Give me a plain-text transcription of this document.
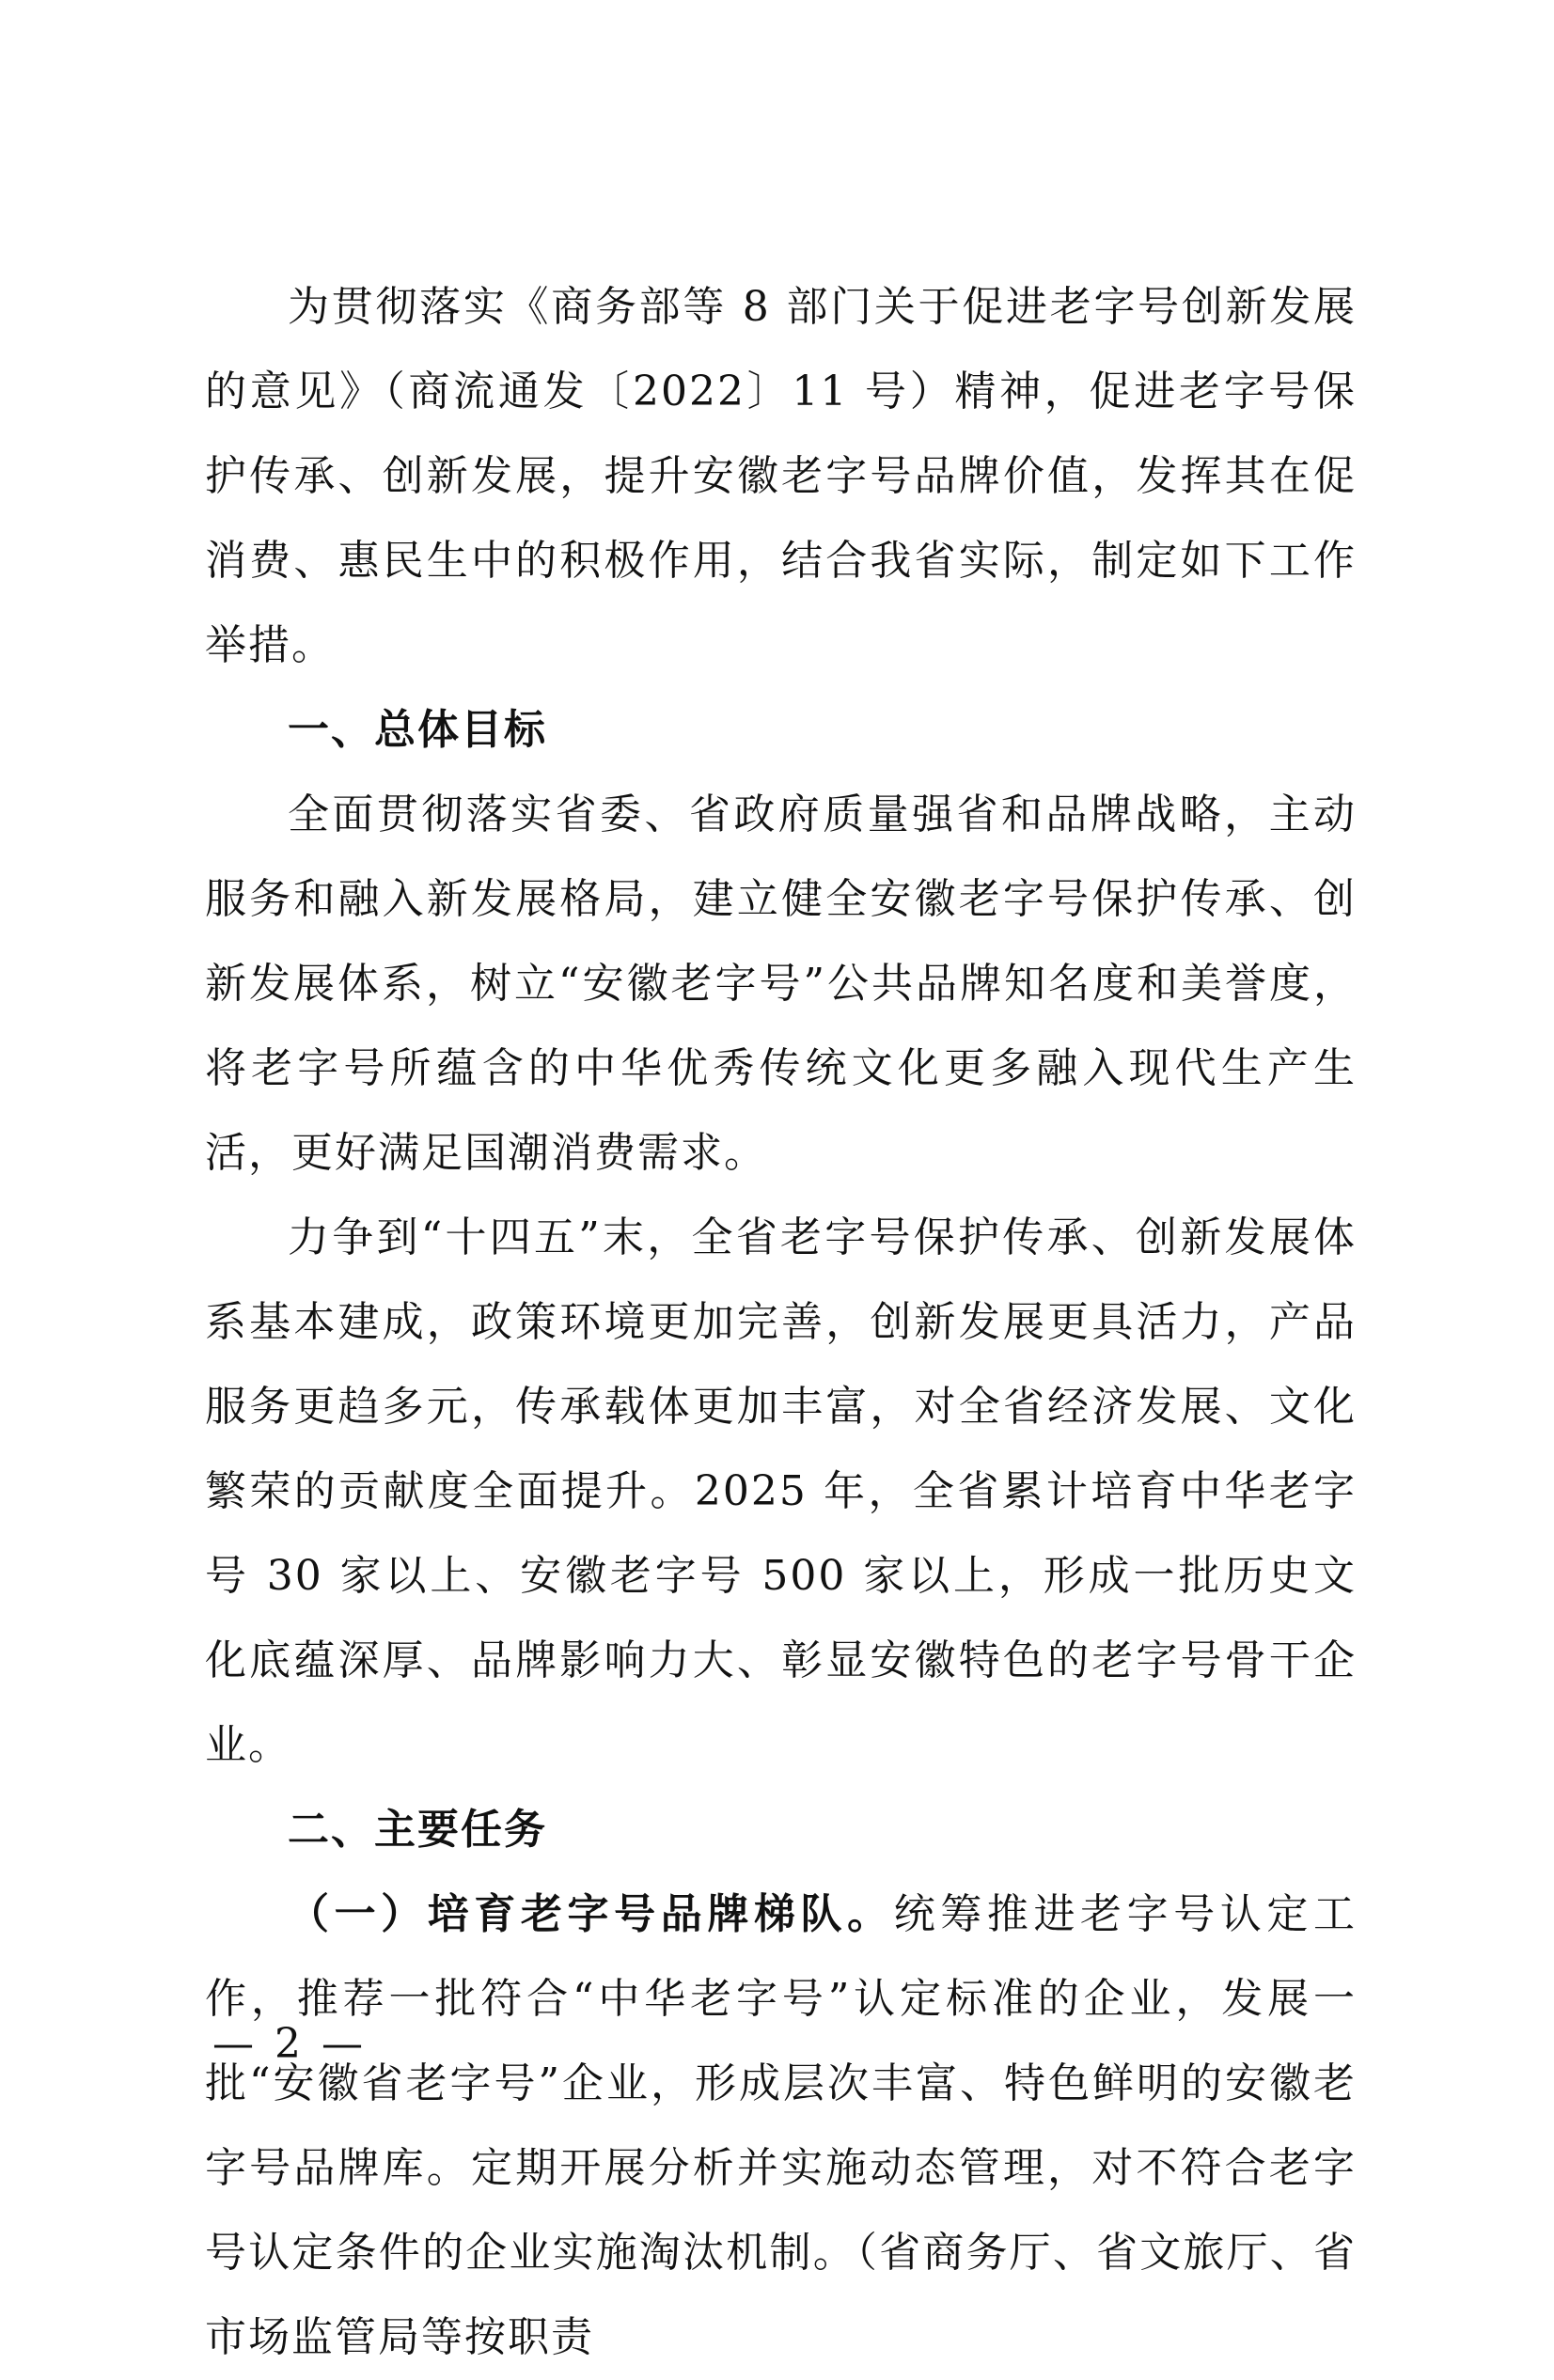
为贯彻落实《商务部等 8 部门关于促进老字号创新发展的意见》（商流通发〔2022〕11 号）精神，促进老字号保护传承、创新发展，提升安徽老字号品牌价值，发挥其在促消费、惠民生中的积极作用，结合我省实际，制定如下工作举措。

一、总体目标

全面贯彻落实省委、省政府质量强省和品牌战略，主动服务和融入新发展格局，建立健全安徽老字号保护传承、创新发展体系，树立“安徽老字号”公共品牌知名度和美誉度，将老字号所蕴含的中华优秀传统文化更多融入现代生产生活，更好满足国潮消费需求。

力争到“十四五”末，全省老字号保护传承、创新发展体系基本建成，政策环境更加完善，创新发展更具活力，产品服务更趋多元，传承载体更加丰富，对全省经济发展、文化繁荣的贡献度全面提升。2025 年，全省累计培育中华老字号 30 家以上、安徽老字号 500 家以上，形成一批历史文化底蕴深厚、品牌影响力大、彰显安徽特色的老字号骨干企业。

二、主要任务

（一）培育老字号品牌梯队。统筹推进老字号认定工作，推荐一批符合“中华老字号”认定标准的企业，发展一批“安徽省老字号”企业，形成层次丰富、特色鲜明的安徽老字号品牌库。定期开展分析并实施动态管理，对不符合老字号认定条件的企业实施淘汰机制。（省商务厅、省文旅厅、省市场监管局等按职责

— 2 —
